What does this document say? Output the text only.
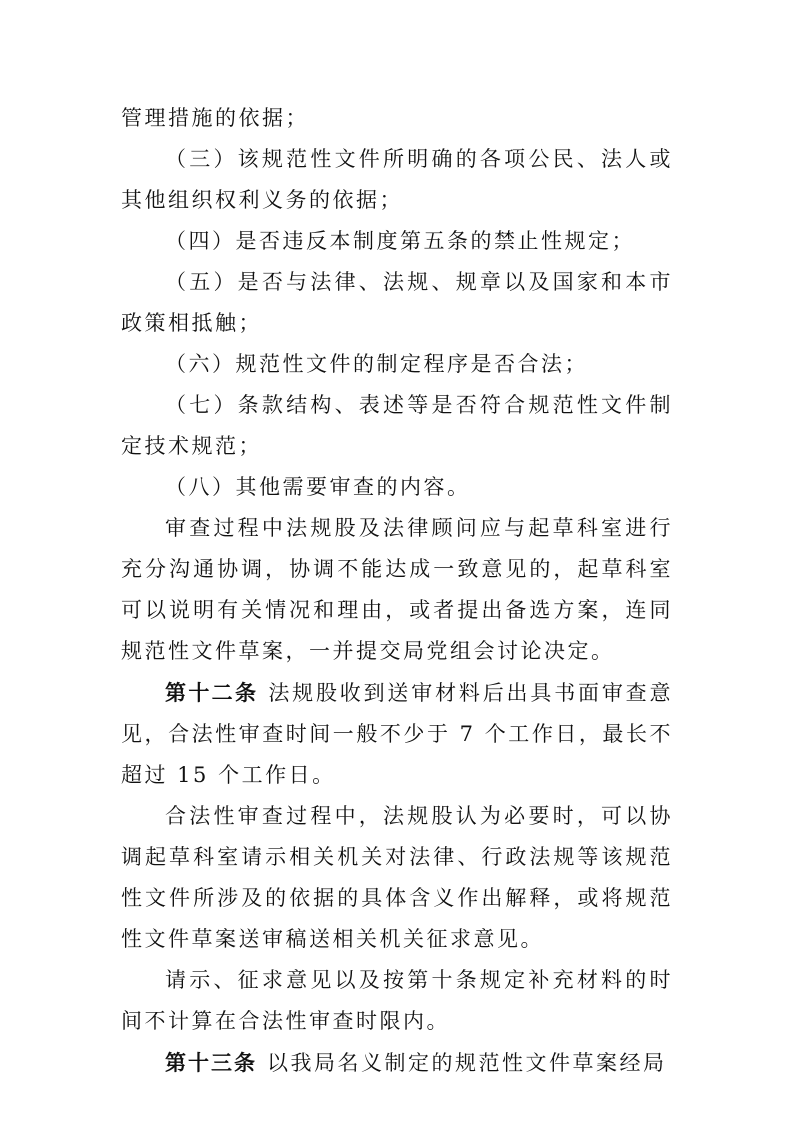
管理措施的依据；

（三）该规范性文件所明确的各项公民、法人或其他组织权利义务的依据；

（四）是否违反本制度第五条的禁止性规定；

（五）是否与法律、法规、规章以及国家和本市政策相抵触；

（六）规范性文件的制定程序是否合法；

（七）条款结构、表述等是否符合规范性文件制定技术规范；

（八）其他需要审查的内容。

审查过程中法规股及法律顾问应与起草科室进行充分沟通协调，协调不能达成一致意见的，起草科室可以说明有关情况和理由，或者提出备选方案，连同规范性文件草案，一并提交局党组会讨论决定。

第十二条 法规股收到送审材料后出具书面审查意见，合法性审查时间一般不少于 7 个工作日，最长不超过 15 个工作日。

合法性审查过程中，法规股认为必要时，可以协调起草科室请示相关机关对法律、行政法规等该规范性文件所涉及的依据的具体含义作出解释，或将规范性文件草案送审稿送相关机关征求意见。

请示、征求意见以及按第十条规定补充材料的时间不计算在合法性审查时限内。

第十三条 以我局名义制定的规范性文件草案经局
